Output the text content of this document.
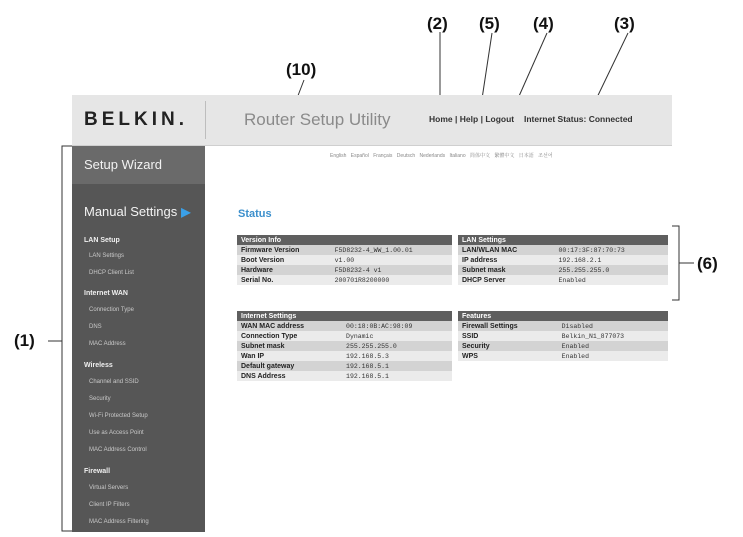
(1)
(2)	(3)
(4)
(5)
(6)
(10)
BELKIN.	Router Setup Utility	Home | Help | Logout Internet Status: Connected
Setup Wizard
Manual Settings ▶
LAN Setup
LAN Settings
DHCP Client List
Internet WAN
Connection Type
DNS
MAC Address
Wireless
Channel and SSID
Security
Wi-Fi Protected Setup
Use as Access Point
MAC Address Control
Firewall
Virtual Servers
Client IP Filters
MAC Address Filtering
English Español Français Deutsch Nederlands Italiano 简体中文 繁體中文 日本語 조선어
Status
Version Info	
Firmware Version	F5D8232-4_WW_1.00.01
Boot Version	v1.00
Hardware	F5D8232-4 v1
Serial No.	200701R8200000
LAN Settings	
LAN/WLAN MAC	00:17:3F:87:70:73
IP address	192.168.2.1
Subnet mask	255.255.255.0
DHCP Server	Enabled
Internet Settings	
WAN MAC address	00:18:0B:AC:98:09
Connection Type	Dynamic
Subnet mask	255.255.255.0
Wan IP	192.168.5.3
Default gateway	192.168.5.1
DNS Address	192.168.5.1
Features	
Firewall Settings	Disabled
SSID	Belkin_N1_877073
Security	Enabled
WPS	Enabled
